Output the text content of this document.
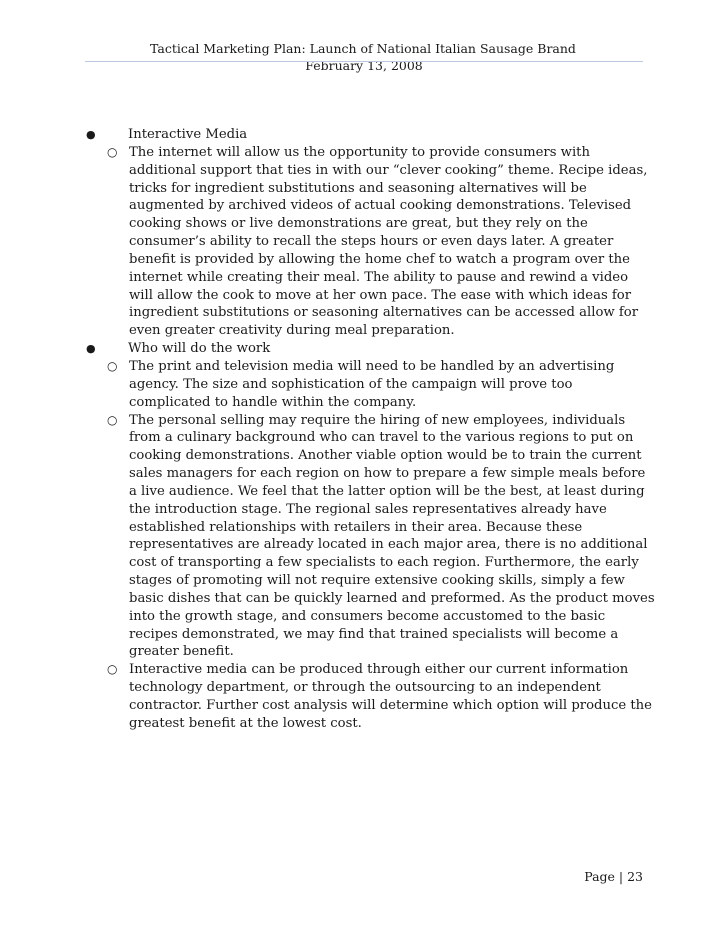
Tactical Marketing Plan: Launch of National Italian Sausage Brand
February 13, 2008
● Interactive Media
○ The internet will allow us the opportunity to provide consumers with additional support that ties in with our “clever cooking” theme. Recipe ideas, tricks for ingredient substitutions and seasoning alternatives will be augmented by archived videos of actual cooking demonstrations. Televised cooking shows or live demonstrations are great, but they rely on the consumer’s ability to recall the steps hours or even days later. A greater benefit is provided by allowing the home chef to watch a program over the internet while creating their meal. The ability to pause and rewind a video will allow the cook to move at her own pace. The ease with which ideas for ingredient substitutions or seasoning alternatives can be accessed allow for even greater creativity during meal preparation.
● Who will do the work
○ The print and television media will need to be handled by an advertising agency. The size and sophistication of the campaign will prove too complicated to handle within the company.
○ The personal selling may require the hiring of new employees, individuals from a culinary background who can travel to the various regions to put on cooking demonstrations. Another viable option would be to train the current sales managers for each region on how to prepare a few simple meals before a live audience. We feel that the latter option will be the best, at least during the introduction stage. The regional sales representatives already have established relationships with retailers in their area. Because these representatives are already located in each major area, there is no additional cost of transporting a few specialists to each region. Furthermore, the early stages of promoting will not require extensive cooking skills, simply a few basic dishes that can be quickly learned and preformed. As the product moves into the growth stage, and consumers become accustomed to the basic recipes demonstrated, we may find that trained specialists will become a greater benefit.
○ Interactive media can be produced through either our current information technology department, or through the outsourcing to an independent contractor. Further cost analysis will determine which option will produce the greatest benefit at the lowest cost.
Page | 23
